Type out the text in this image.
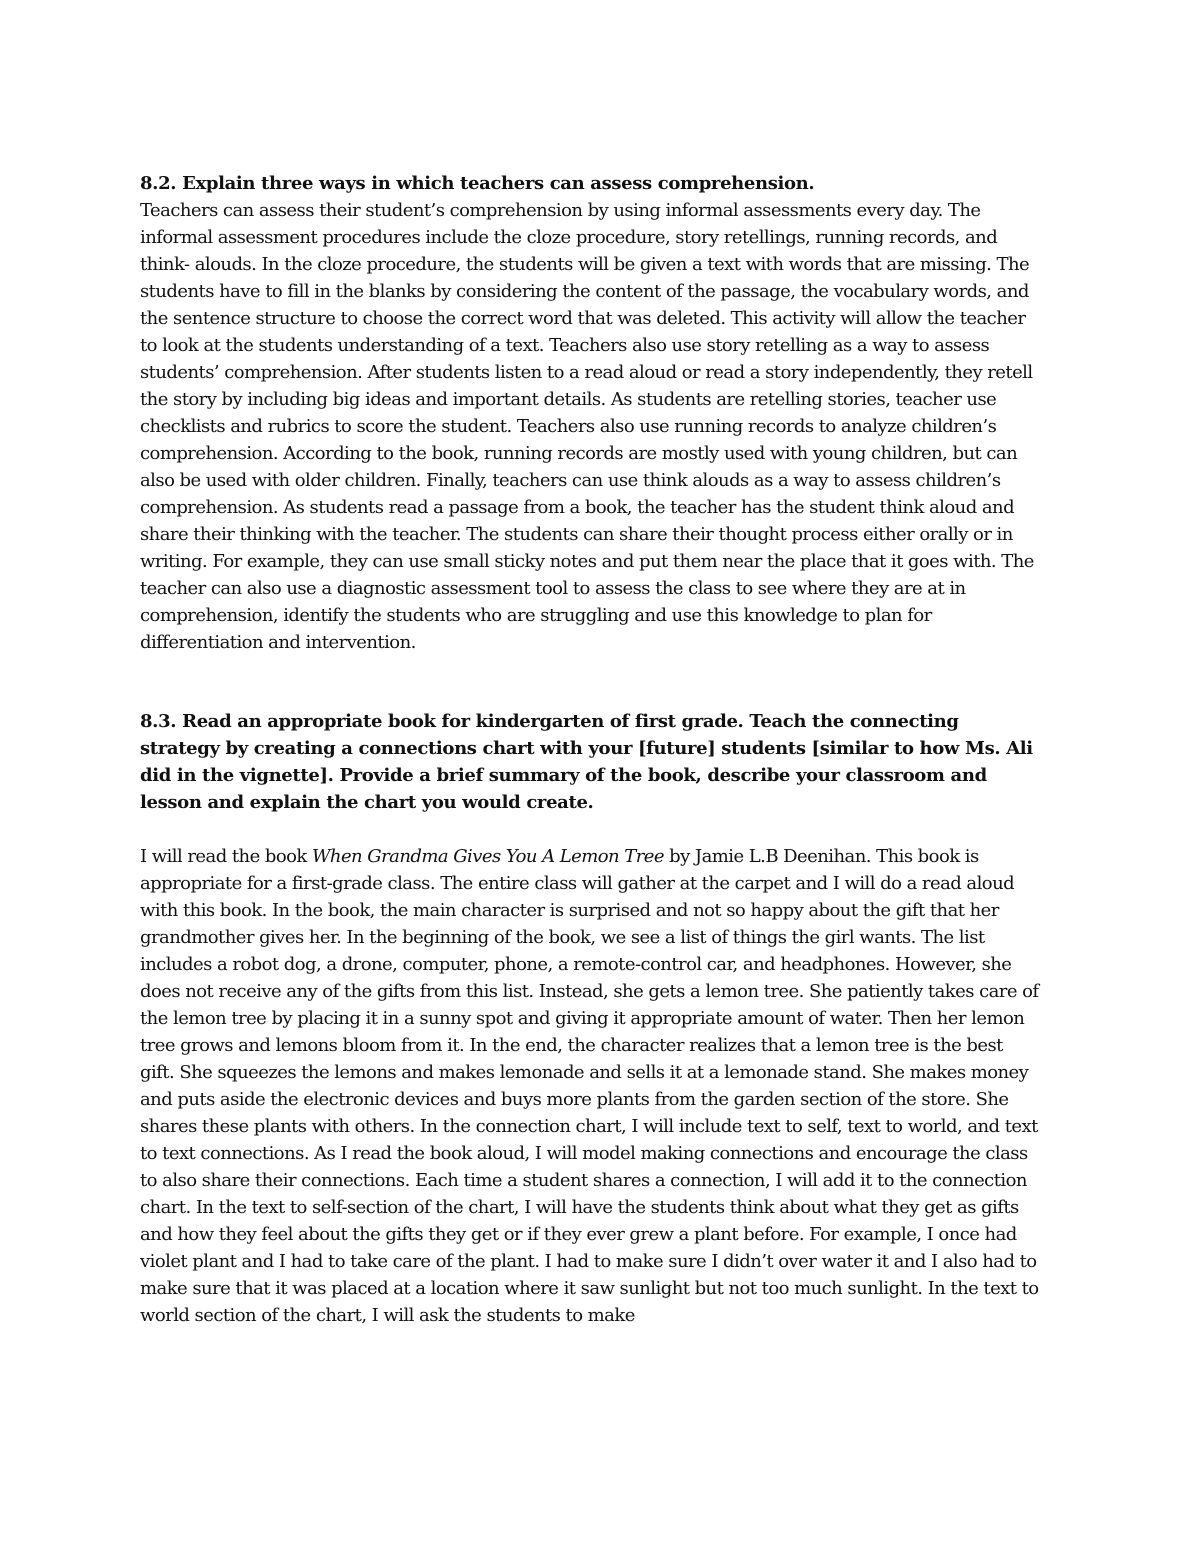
8.2. Explain three ways in which teachers can assess comprehension.

Teachers can assess their student’s comprehension by using informal assessments every day. The informal assessment procedures include the cloze procedure, story retellings, running records, and think- alouds. In the cloze procedure, the students will be given a text with words that are missing. The students have to fill in the blanks by considering the content of the passage, the vocabulary words, and the sentence structure to choose the correct word that was deleted. This activity will allow the teacher to look at the students understanding of a text. Teachers also use story retelling as a way to assess students’ comprehension. After students listen to a read aloud or read a story independently, they retell the story by including big ideas and important details. As students are retelling stories, teacher use checklists and rubrics to score the student. Teachers also use running records to analyze children’s comprehension. According to the book, running records are mostly used with young children, but can also be used with older children. Finally, teachers can use think alouds as a way to assess children’s comprehension. As students read a passage from a book, the teacher has the student think aloud and share their thinking with the teacher. The students can share their thought process either orally or in writing. For example, they can use small sticky notes and put them near the place that it goes with. The teacher can also use a diagnostic assessment tool to assess the class to see where they are at in comprehension, identify the students who are struggling and use this knowledge to plan for differentiation and intervention.

8.3. Read an appropriate book for kindergarten of first grade. Teach the connecting strategy by creating a connections chart with your [future] students [similar to how Ms. Ali did in the vignette]. Provide a brief summary of the book, describe your classroom and lesson and explain the chart you would create.

I will read the book When Grandma Gives You A Lemon Tree by Jamie L.B Deenihan. This book is appropriate for a first-grade class. The entire class will gather at the carpet and I will do a read aloud with this book. In the book, the main character is surprised and not so happy about the gift that her grandmother gives her. In the beginning of the book, we see a list of things the girl wants. The list includes a robot dog, a drone, computer, phone, a remote-control car, and headphones. However, she does not receive any of the gifts from this list. Instead, she gets a lemon tree. She patiently takes care of the lemon tree by placing it in a sunny spot and giving it appropriate amount of water. Then her lemon tree grows and lemons bloom from it. In the end, the character realizes that a lemon tree is the best gift. She squeezes the lemons and makes lemonade and sells it at a lemonade stand. She makes money and puts aside the electronic devices and buys more plants from the garden section of the store. She shares these plants with others. In the connection chart, I will include text to self, text to world, and text to text connections. As I read the book aloud, I will model making connections and encourage the class to also share their connections. Each time a student shares a connection, I will add it to the connection chart. In the text to self-section of the chart, I will have the students think about what they get as gifts and how they feel about the gifts they get or if they ever grew a plant before. For example, I once had violet plant and I had to take care of the plant. I had to make sure I didn’t over water it and I also had to make sure that it was placed at a location where it saw sunlight but not too much sunlight. In the text to world section of the chart, I will ask the students to make
